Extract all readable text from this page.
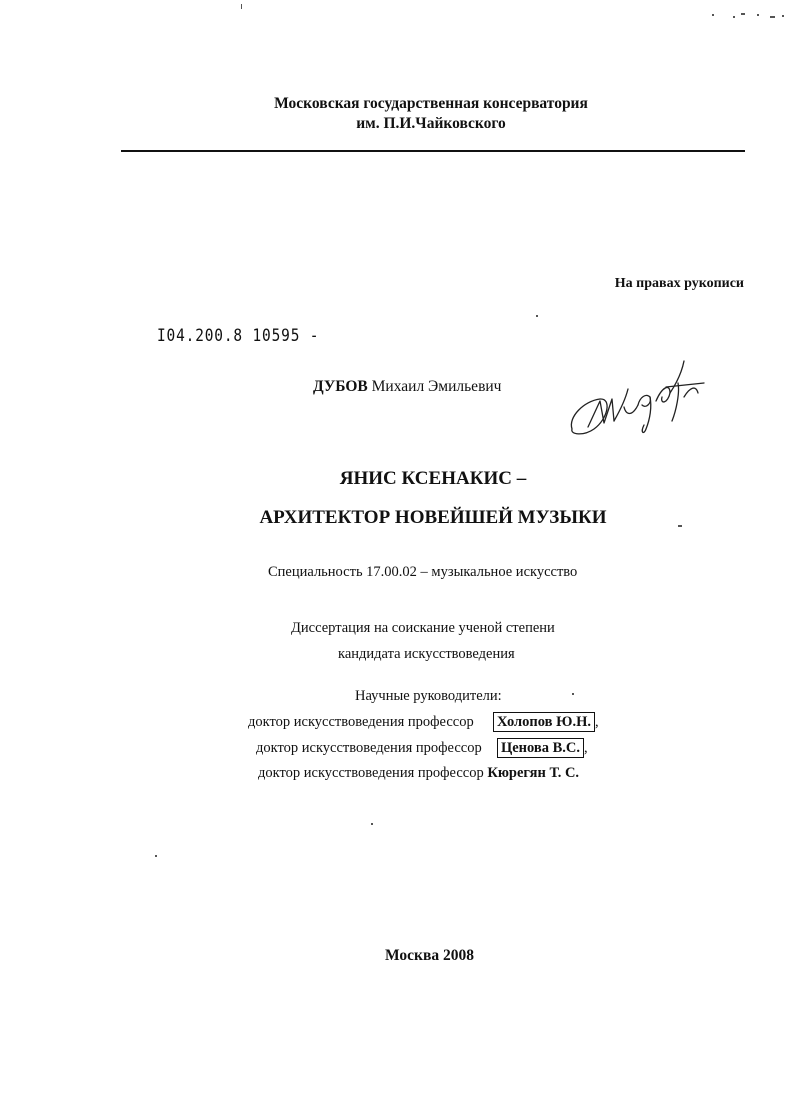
Московская государственная консерватория
им. П.И.Чайковского
На правах рукописи
I04.200.8 10595 -
ДУБОВ Михаил Эмильевич
ЯНИС КСЕНАКИС –
АРХИТЕКТОР НОВЕЙШЕЙ МУЗЫКИ
Специальность 17.00.02 – музыкальное искусство
Диссертация на соискание ученой степени
кандидата искусствоведения
Научные руководители:
доктор искусствоведения профессор Холопов Ю.Н. ,
доктор искусствоведения профессор Ценова В.С. ,
доктор искусствоведения профессор Кюрегян Т. С.
Москва 2008
